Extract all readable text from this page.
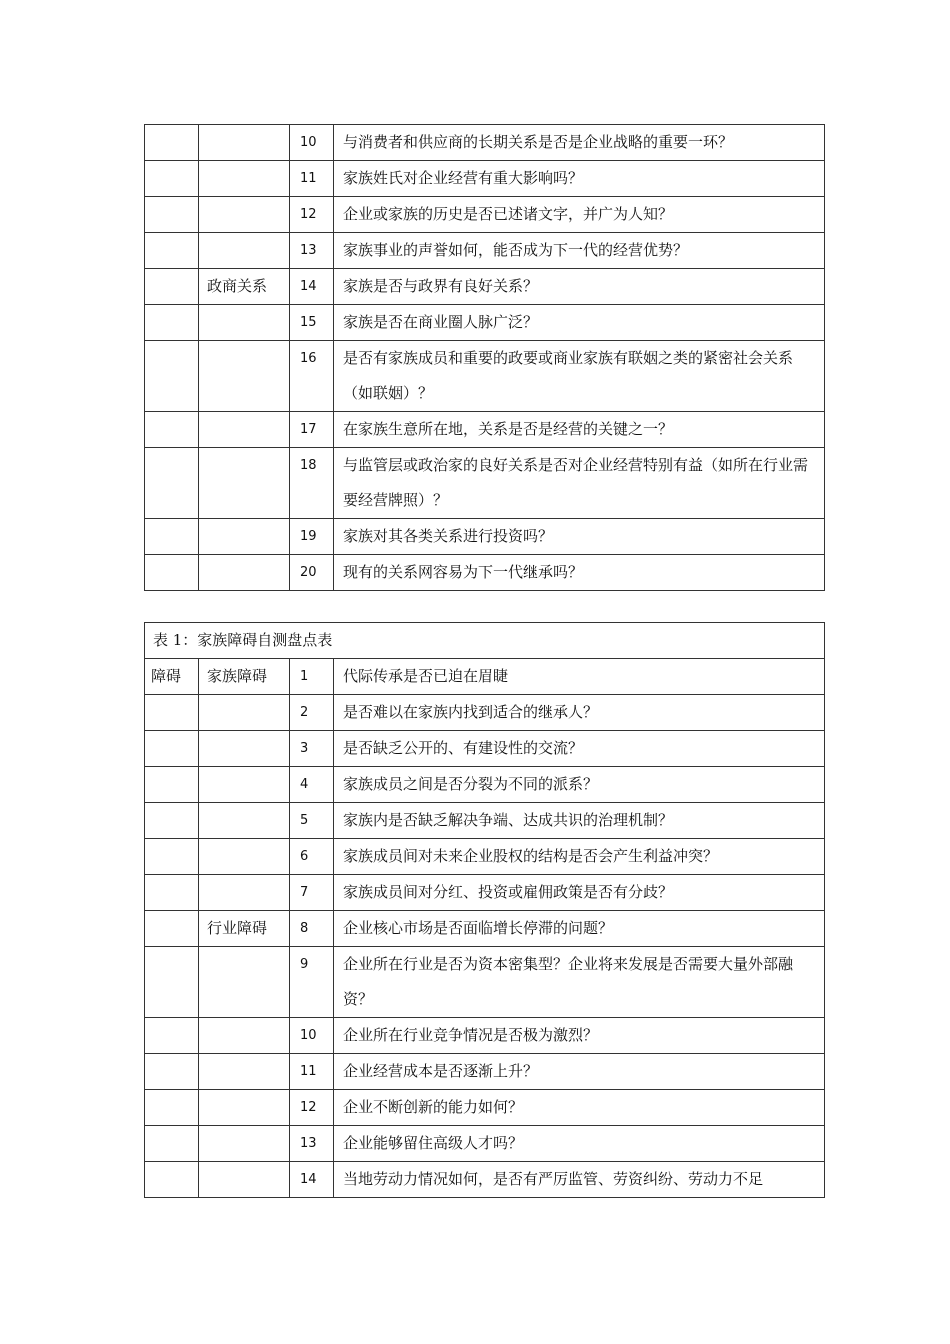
		10	与消费者和供应商的长期关系是否是企业战略的重要一环？
		11	家族姓氏对企业经营有重大影响吗？
		12	企业或家族的历史是否已述诸文字，并广为人知？
		13	家族事业的声誉如何，能否成为下一代的经营优势？
	政商关系	14	家族是否与政界有良好关系？
		15	家族是否在商业圈人脉广泛？
		16	是否有家族成员和重要的政要或商业家族有联姻之类的紧密社会关系（如联姻）？
		17	在家族生意所在地，关系是否是经营的关键之一？
		18	与监管层或政治家的良好关系是否对企业经营特别有益（如所在行业需要经营牌照）？
		19	家族对其各类关系进行投资吗？
		20	现有的关系网容易为下一代继承吗？
表 1：家族障碍自测盘点表			
障碍	家族障碍	1	代际传承是否已迫在眉睫
		2	是否难以在家族内找到适合的继承人？
		3	是否缺乏公开的、有建设性的交流？
		4	家族成员之间是否分裂为不同的派系？
		5	家族内是否缺乏解决争端、达成共识的治理机制？
		6	家族成员间对未来企业股权的结构是否会产生利益冲突？
		7	家族成员间对分红、投资或雇佣政策是否有分歧？
	行业障碍	8	企业核心市场是否面临增长停滞的问题？
		9	企业所在行业是否为资本密集型？企业将来发展是否需要大量外部融资？
		10	企业所在行业竞争情况是否极为激烈？
		11	企业经营成本是否逐渐上升？
		12	企业不断创新的能力如何？
		13	企业能够留住高级人才吗？
		14	当地劳动力情况如何，是否有严厉监管、劳资纠纷、劳动力不足
